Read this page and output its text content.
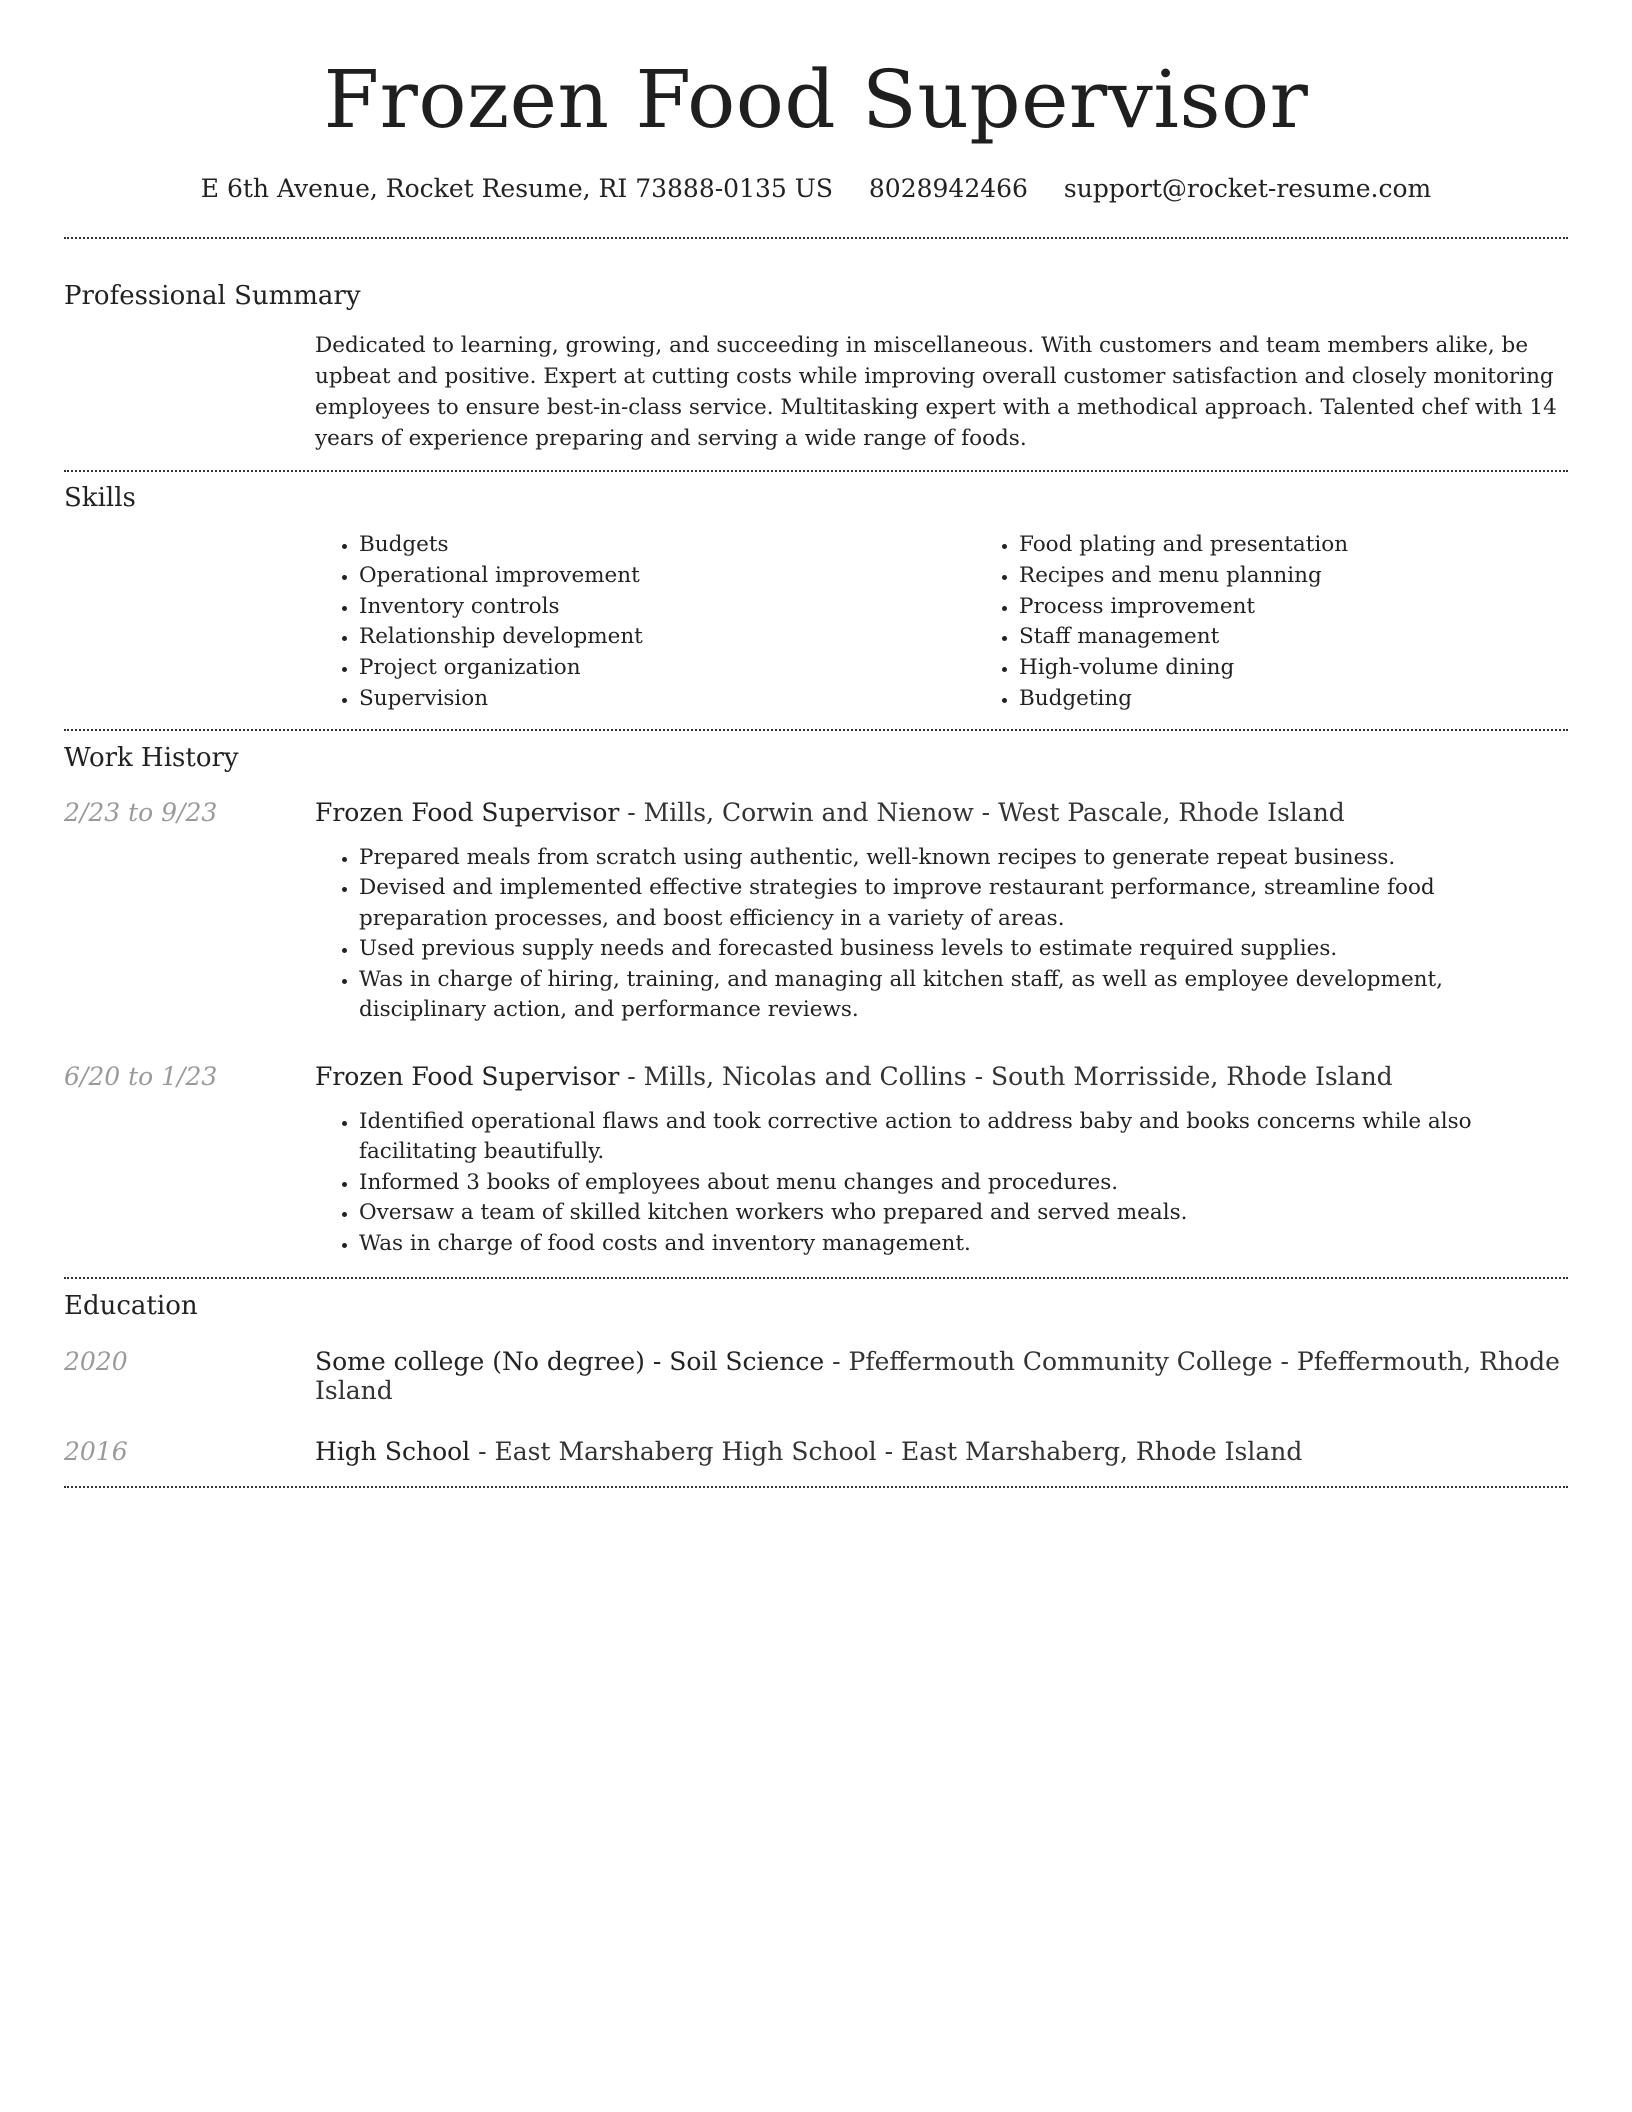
Frozen Food Supervisor
E 6th Avenue, Rocket Resume, RI 73888-0135 US 8028942466 support@rocket-resume.com
Professional Summary
Dedicated to learning, growing, and succeeding in miscellaneous. With customers and team members alike, be upbeat and positive. Expert at cutting costs while improving overall customer satisfaction and closely monitoring employees to ensure best-in-class service. Multitasking expert with a methodical approach. Talented chef with 14 years of experience preparing and serving a wide range of foods.
Skills
• Budgets
• Operational improvement
• Inventory controls
• Relationship development
• Project organization
• Supervision
• Food plating and presentation
• Recipes and menu planning
• Process improvement
• Staff management
• High-volume dining
• Budgeting
Work History
2/23 to 9/23	Frozen Food Supervisor - Mills, Corwin and Nienow - West Pascale, Rhode Island
• Prepared meals from scratch using authentic, well-known recipes to generate repeat business.
• Devised and implemented effective strategies to improve restaurant performance, streamline food preparation processes, and boost efficiency in a variety of areas.
• Used previous supply needs and forecasted business levels to estimate required supplies.
• Was in charge of hiring, training, and managing all kitchen staff, as well as employee development, disciplinary action, and performance reviews.
6/20 to 1/23	Frozen Food Supervisor - Mills, Nicolas and Collins - South Morrisside, Rhode Island
• Identified operational flaws and took corrective action to address baby and books concerns while also facilitating beautifully.
• Informed 3 books of employees about menu changes and procedures.
• Oversaw a team of skilled kitchen workers who prepared and served meals.
• Was in charge of food costs and inventory management.
Education
2020	Some college (No degree) - Soil Science - Pfeffermouth Community College - Pfeffermouth, Rhode Island
2016	High School - East Marshaberg High School - East Marshaberg, Rhode Island
